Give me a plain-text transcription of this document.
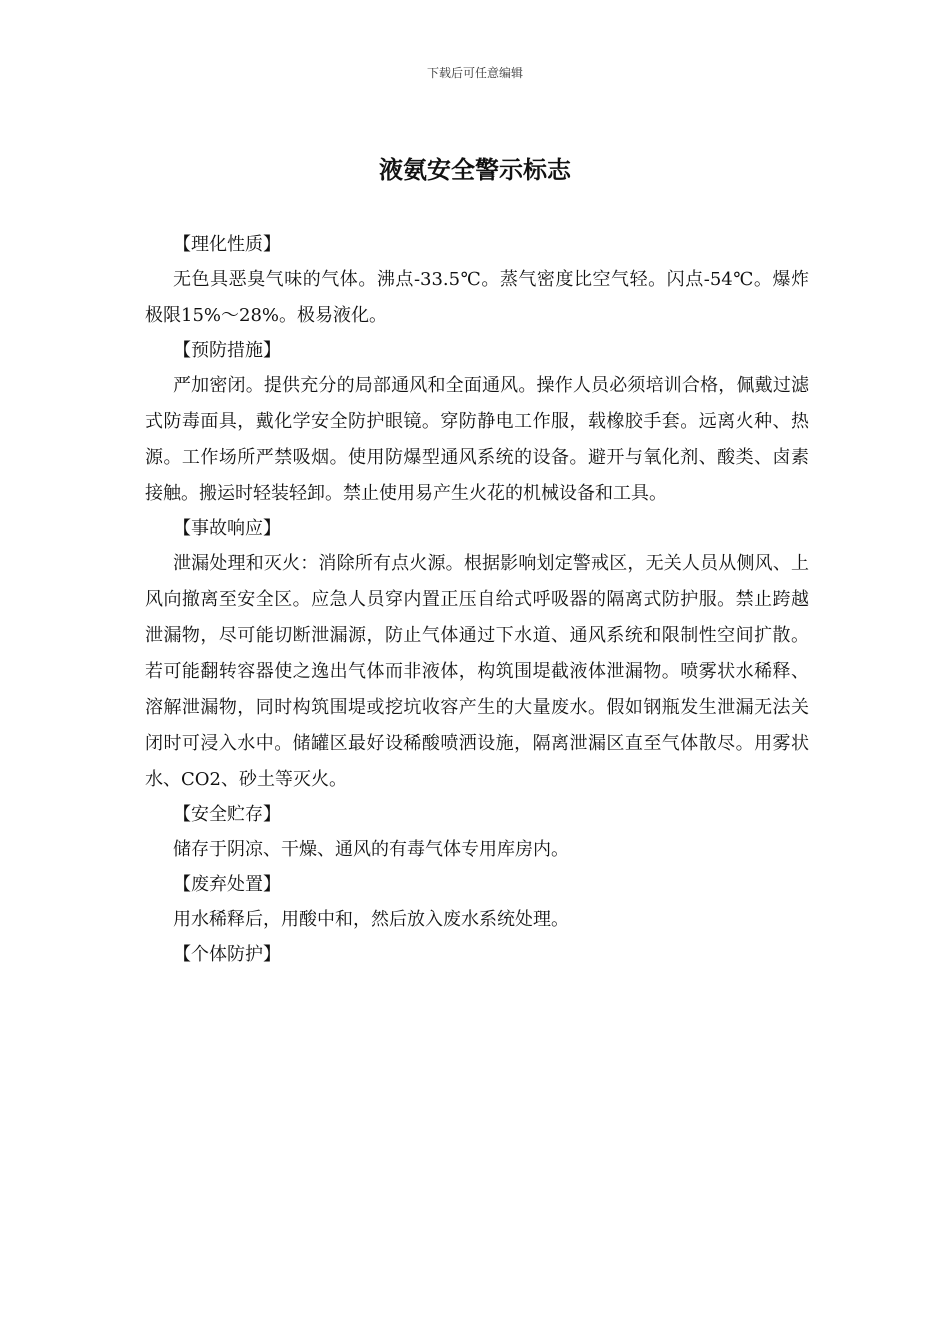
下载后可任意编辑
液氨安全警示标志
【理化性质】

无色具恶臭气味的气体。沸点-33.5℃。蒸气密度比空气轻。闪点-54℃。爆炸极限15%～28%。极易液化。

【预防措施】

严加密闭。提供充分的局部通风和全面通风。操作人员必须培训合格，佩戴过滤式防毒面具，戴化学安全防护眼镜。穿防静电工作服，载橡胶手套。远离火种、热源。工作场所严禁吸烟。使用防爆型通风系统的设备。避开与氧化剂、酸类、卤素接触。搬运时轻装轻卸。禁止使用易产生火花的机械设备和工具。

【事故响应】

泄漏处理和灭火：消除所有点火源。根据影响划定警戒区，无关人员从侧风、上风向撤离至安全区。应急人员穿内置正压自给式呼吸器的隔离式防护服。禁止跨越泄漏物，尽可能切断泄漏源，防止气体通过下水道、通风系统和限制性空间扩散。若可能翻转容器使之逸出气体而非液体，构筑围堤截液体泄漏物。喷雾状水稀释、溶解泄漏物，同时构筑围堤或挖坑收容产生的大量废水。假如钢瓶发生泄漏无法关闭时可浸入水中。储罐区最好设稀酸喷洒设施，隔离泄漏区直至气体散尽。用雾状水、CO2、砂土等灭火。

【安全贮存】

储存于阴凉、干燥、通风的有毒气体专用库房内。

【废弃处置】

用水稀释后，用酸中和，然后放入废水系统处理。

【个体防护】
